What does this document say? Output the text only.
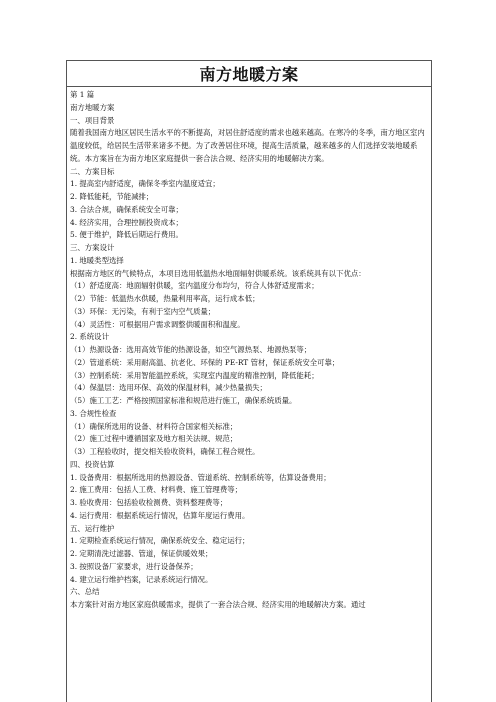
南方地暖方案
第 1 篇
南方地暖方案
一、项目背景
随着我国南方地区居民生活水平的不断提高，对居住舒适度的需求也越来越高。在寒冷的冬季，南方地区室内温度较低，给居民生活带来诸多不便。为了改善居住环境，提高生活质量，越来越多的人们选择安装地暖系统。本方案旨在为南方地区家庭提供一套合法合规、经济实用的地暖解决方案。
二、方案目标
1. 提高室内舒适度，确保冬季室内温度适宜；
2. 降低能耗，节能减排；
3. 合法合规，确保系统安全可靠；
4. 经济实用，合理控制投资成本；
5. 便于维护，降低后期运行费用。
三、方案设计
1. 地暖类型选择
根据南方地区的气候特点，本项目选用低温热水地面辐射供暖系统。该系统具有以下优点：
（1）舒适度高：地面辐射供暖，室内温度分布均匀，符合人体舒适度需求；
（2）节能：低温热水供暖，热量利用率高，运行成本低；
（3）环保：无污染，有利于室内空气质量；
（4）灵活性：可根据用户需求调整供暖面积和温度。
2. 系统设计
（1）热源设备：选用高效节能的热源设备，如空气源热泵、地源热泵等；
（2）管道系统：采用耐高温、抗老化、环保的 PE-RT 管材，保证系统安全可靠；
（3）控制系统：采用智能温控系统，实现室内温度的精准控制，降低能耗；
（4）保温层：选用环保、高效的保温材料，减少热量损失；
（5）施工工艺：严格按照国家标准和规范进行施工，确保系统质量。
3. 合规性检查
（1）确保所选用的设备、材料符合国家相关标准；
（2）施工过程中遵循国家及地方相关法规、规范；
（3）工程验收时，提交相关验收资料，确保工程合规性。
四、投资估算
1. 设备费用：根据所选用的热源设备、管道系统、控制系统等，估算设备费用；
2. 施工费用：包括人工费、材料费、施工管理费等；
3. 验收费用：包括验收检测费、资料整理费等；
4. 运行费用：根据系统运行情况，估算年度运行费用。
五、运行维护
1. 定期检查系统运行情况，确保系统安全、稳定运行；
2. 定期清洗过滤器、管道，保证供暖效果；
3. 按照设备厂家要求，进行设备保养；
4. 建立运行维护档案，记录系统运行情况。
六、总结
本方案针对南方地区家庭供暖需求，提供了一套合法合规、经济实用的地暖解决方案。通过
